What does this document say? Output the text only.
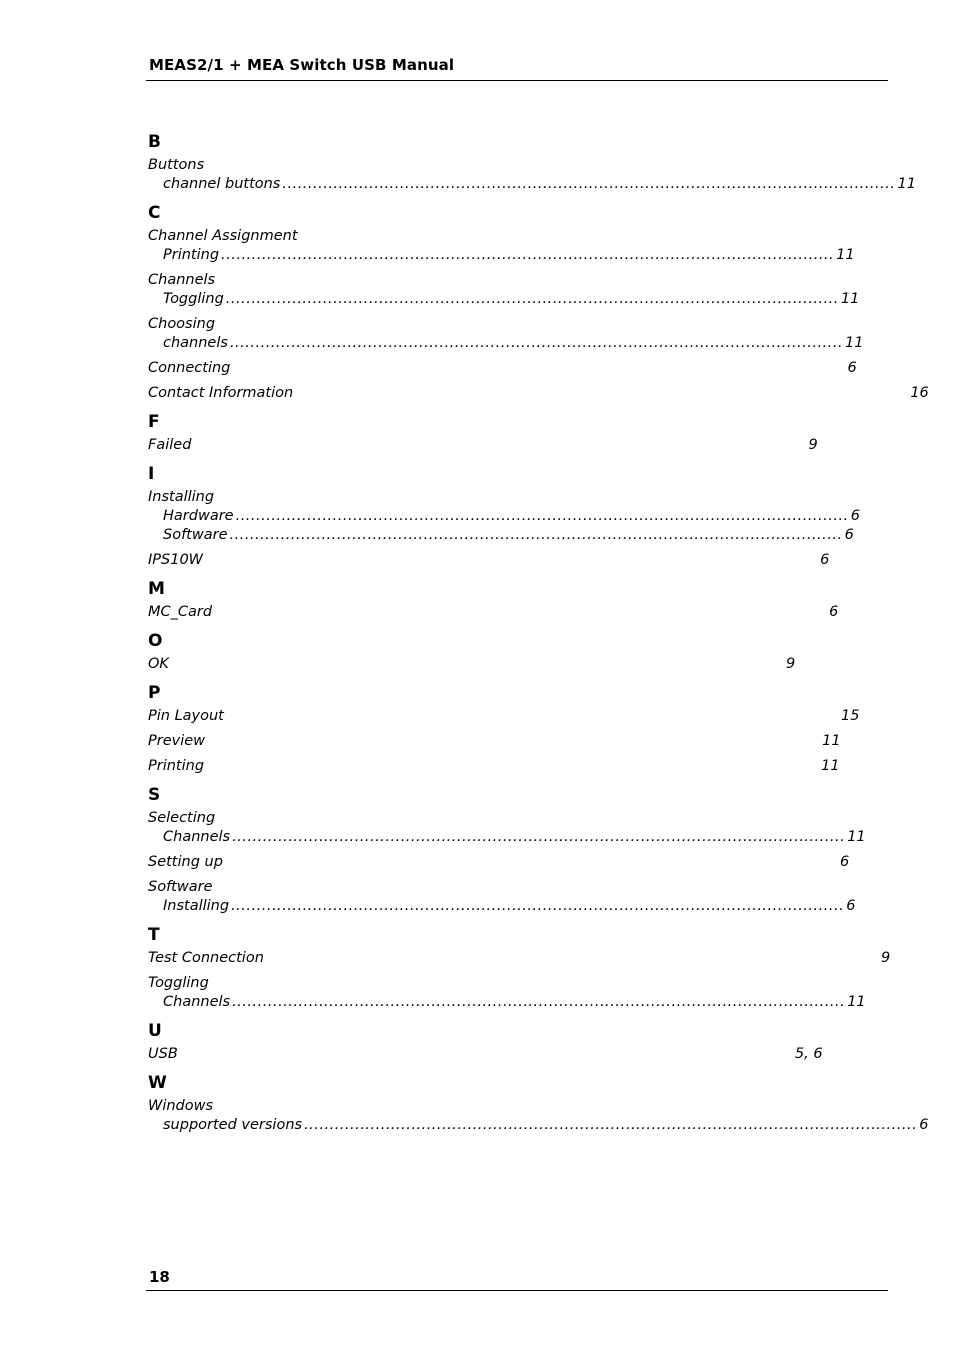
MEAS2/1 + MEA Switch USB Manual
B
Buttons
channel buttons ........................................................................................................................ 11
C
Channel Assignment
Printing ........................................................................................................................ 11
Channels
Toggling ........................................................................................................................ 11
Choosing
channels ........................................................................................................................ 11
Connecting	6
Contact Information	16
F
Failed	9
I
Installing
Hardware ........................................................................................................................ 6
Software ........................................................................................................................ 6
IPS10W	6
M
MC_Card	6
O
OK	9
P
Pin Layout	15
Preview	11
Printing	11
S
Selecting
Channels ........................................................................................................................ 11
Setting up	6
Software
Installing ........................................................................................................................ 6
T
Test Connection	9
Toggling
Channels ........................................................................................................................ 11
U
USB	5, 6
W
Windows
supported versions ........................................................................................................................ 6
18
